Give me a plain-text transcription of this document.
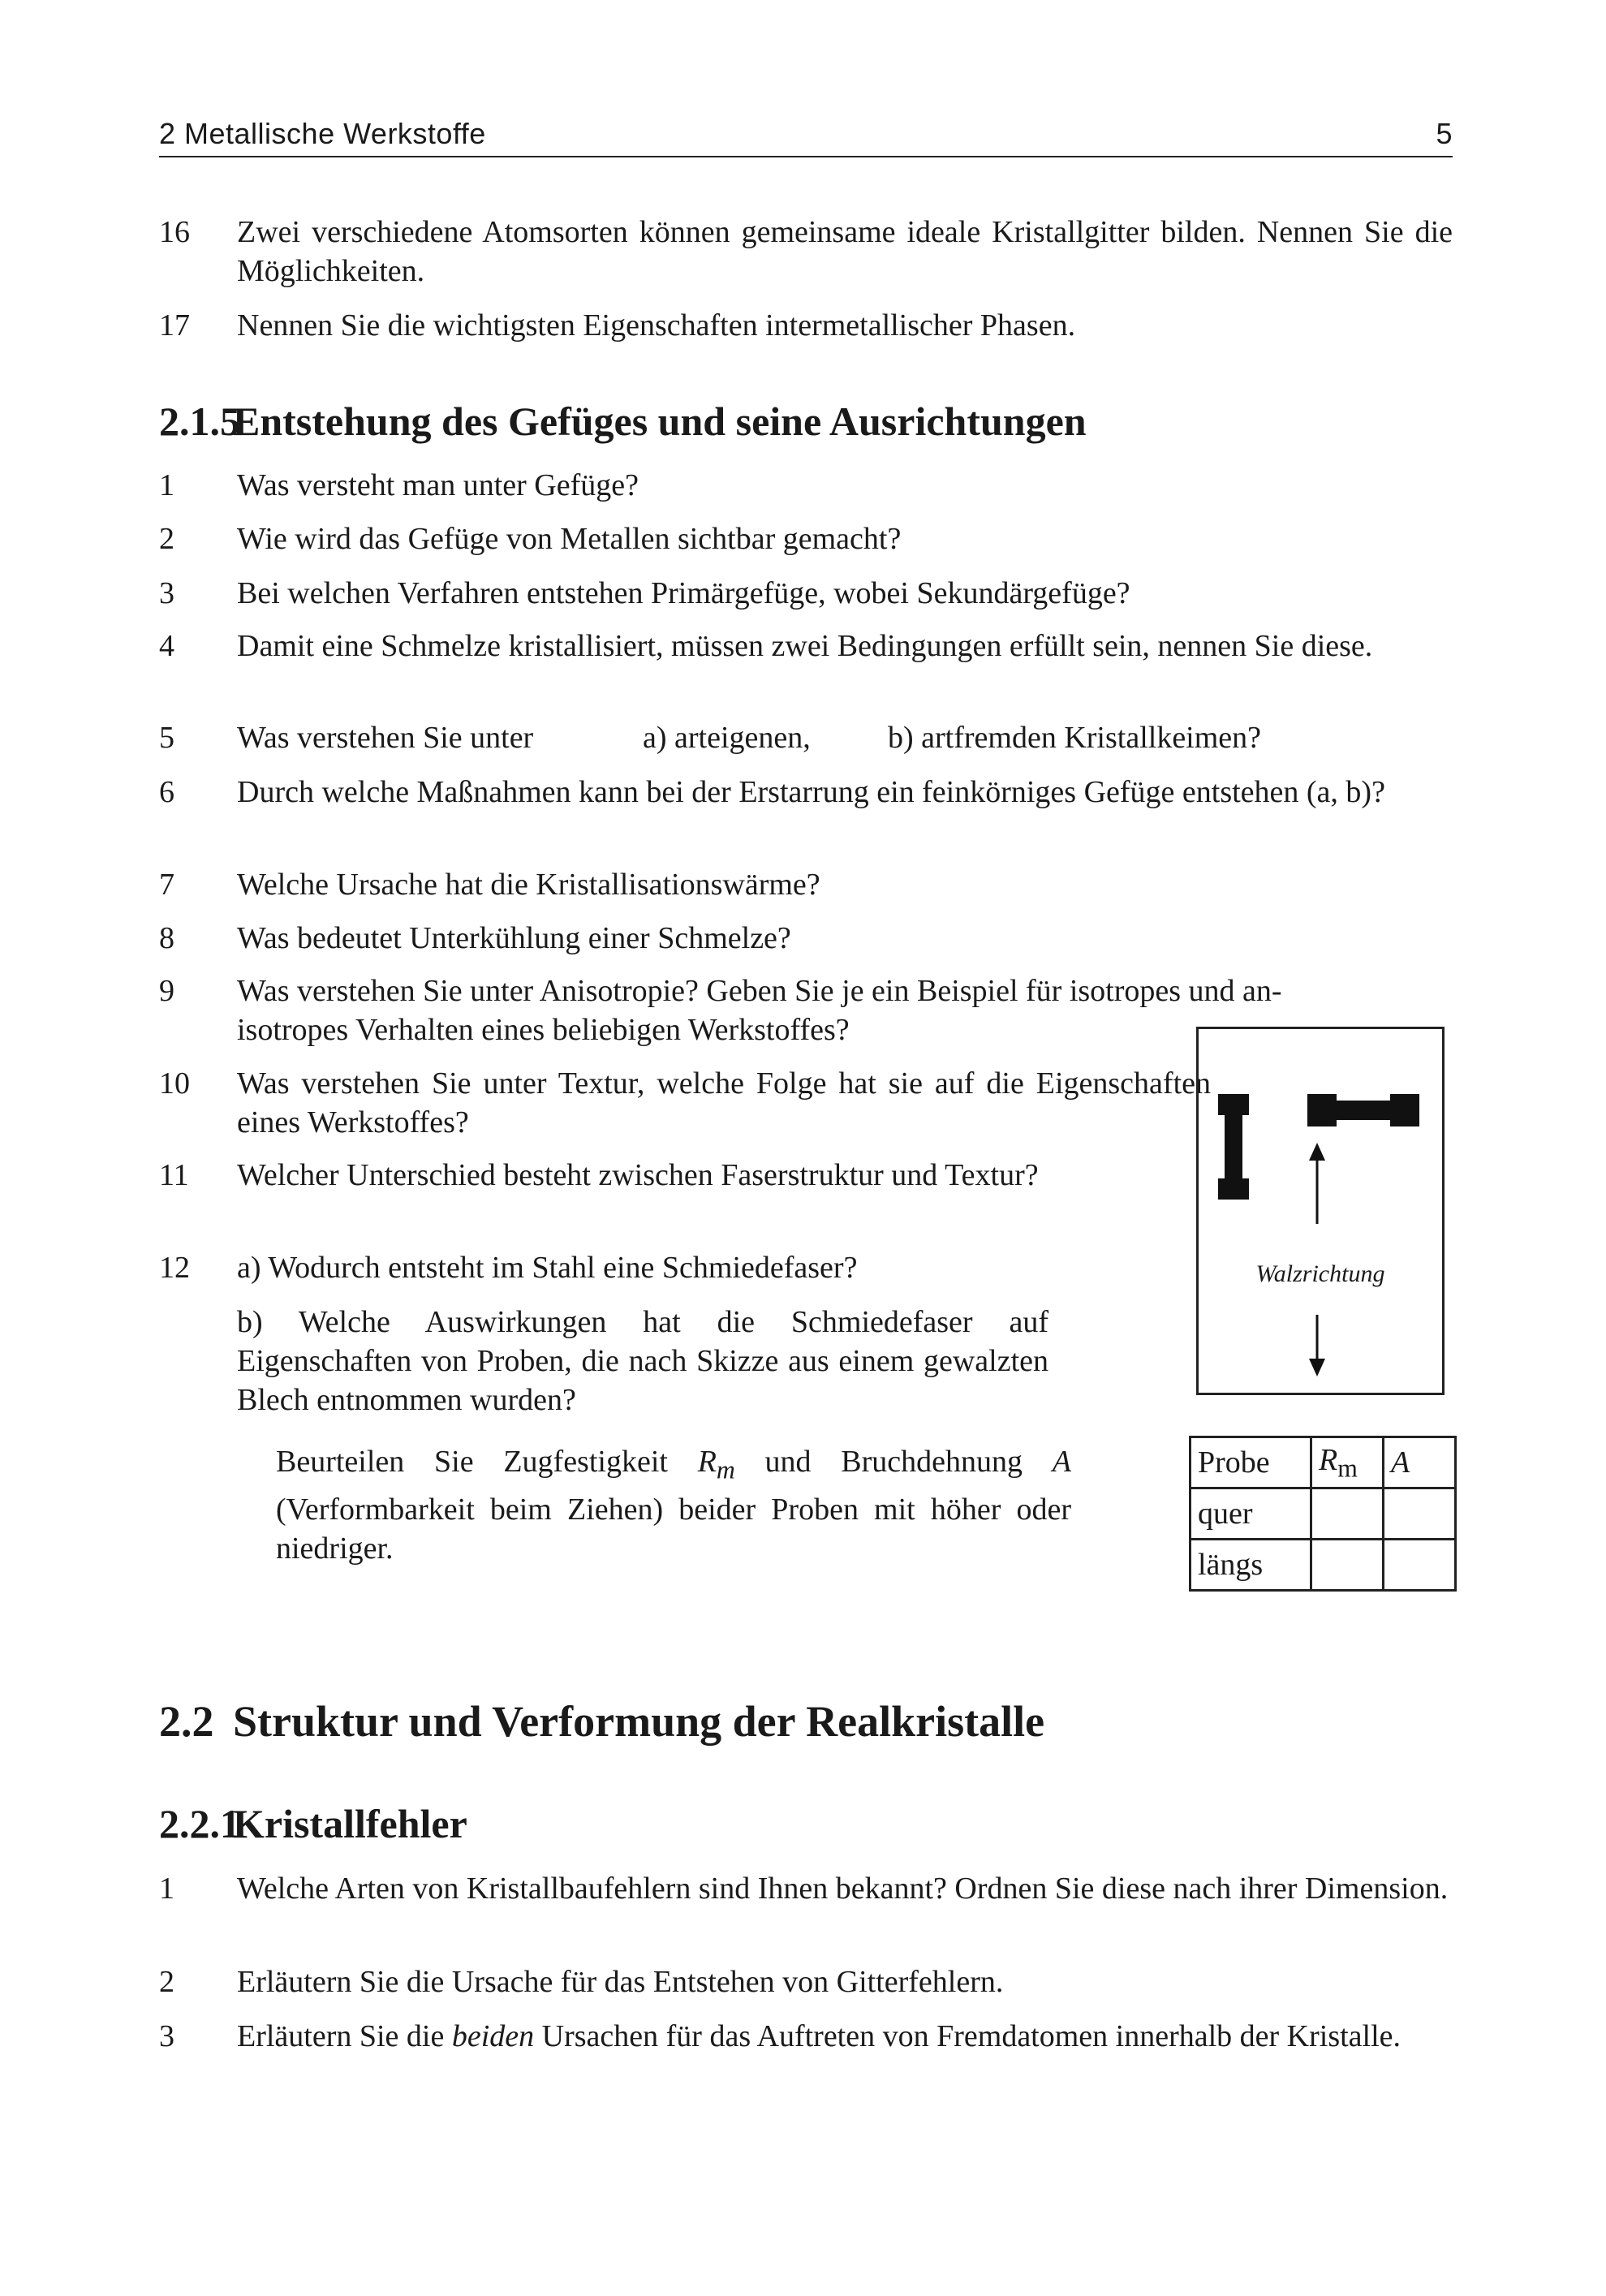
2 Metallische Werkstoffe	5
16	Zwei verschiedene Atomsorten können gemeinsame ideale Kristallgitter bilden. Nennen Sie die Möglichkeiten.
17	Nennen Sie die wichtigsten Eigenschaften intermetallischer Phasen.
2.1.5Entstehung des Gefüges und seine Ausrichtungen
1	Was versteht man unter Gefüge?
2	Wie wird das Gefüge von Metallen sichtbar gemacht?
3	Bei welchen Verfahren entstehen Primärgefüge, wobei Sekundärgefüge?
4	Damit eine Schmelze kristallisiert, müssen zwei Bedingungen erfüllt sein, nennen Sie diese.
5	Was verstehen Sie unter	a) arteigenen,	b) artfremden Kristallkeimen?
6	Durch welche Maßnahmen kann bei der Erstarrung ein feinkörniges Gefüge entstehen (a, b)?
7	Welche Ursache hat die Kristallisationswärme?
8	Was bedeutet Unterkühlung einer Schmelze?
9	Was verstehen Sie unter Anisotropie? Geben Sie je ein Beispiel für isotropes und an-
isotropes Verhalten eines beliebigen Werkstoffes?
10	Was verstehen Sie unter Textur, welche Folge hat sie auf die Eigenschaften eines Werkstoffes?
11	Welcher Unterschied besteht zwischen Faserstruktur und Textur?
12	a) Wodurch entsteht im Stahl eine Schmiedefaser?
b) Welche Auswirkungen hat die Schmiedefaser auf Eigenschaften von Proben, die nach Skizze aus einem gewalzten Blech entnommen wurden?
Beurteilen Sie Zugfestigkeit $R_m$ und Bruchdehnung A (Verformbarkeit beim Ziehen) beider Proben mit höher oder niedriger.
Walzrichtung
Probe	$R_m$	A
quer		
längs		
2.2 Struktur und Verformung der Realkristalle
2.2.1Kristallfehler
1	Welche Arten von Kristallbaufehlern sind Ihnen bekannt? Ordnen Sie diese nach ihrer Dimension.
2	Erläutern Sie die Ursache für das Entstehen von Gitterfehlern.
3	Erläutern Sie die beiden Ursachen für das Auftreten von Fremdatomen innerhalb der Kristalle.
